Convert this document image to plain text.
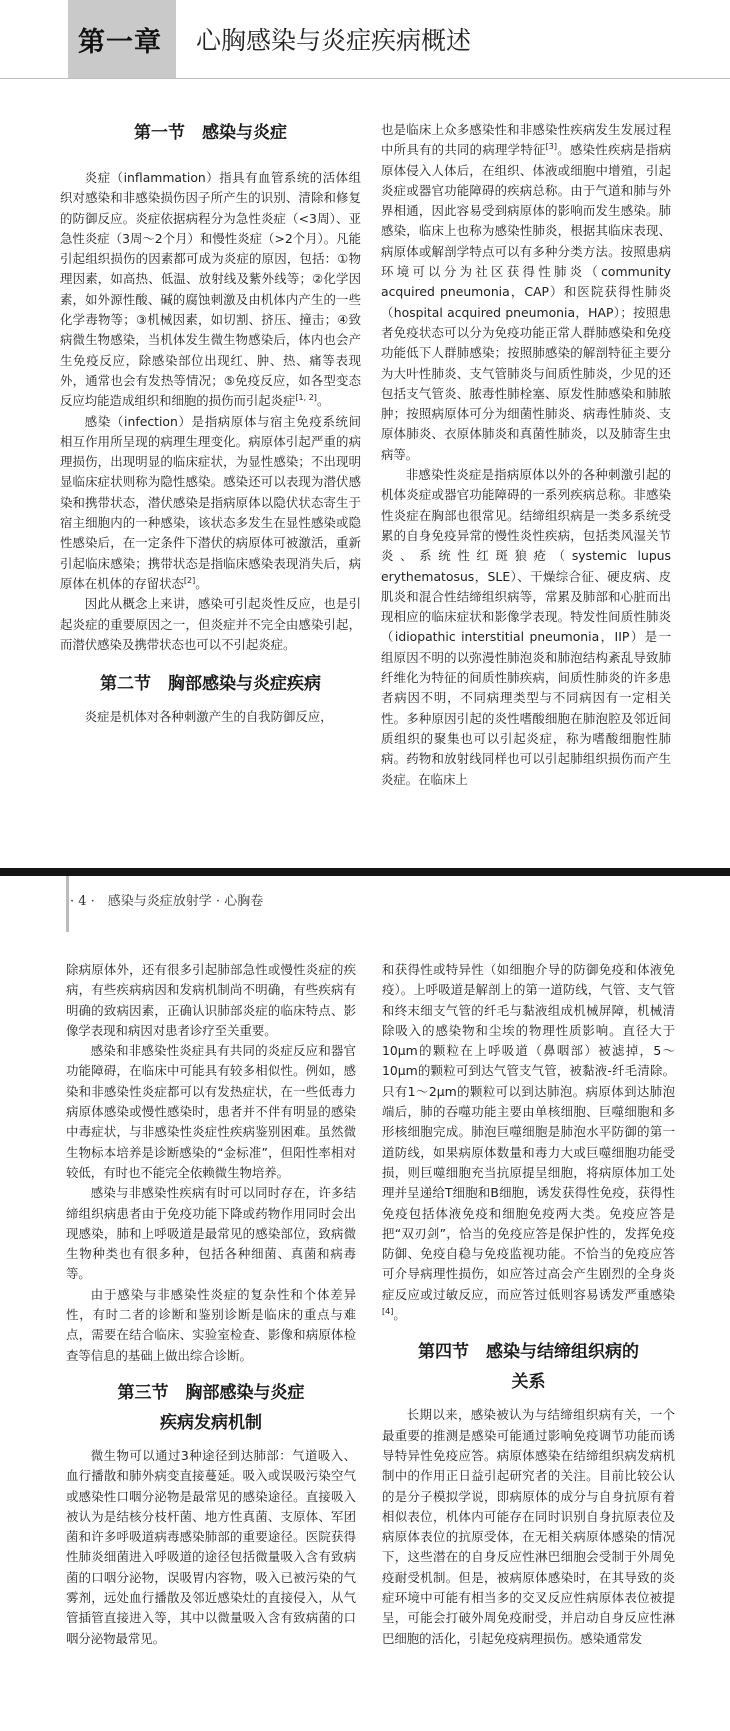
第一章 心胸感染与炎症疾病概述
第一节　感染与炎症

炎症（inflammation）指具有血管系统的活体组织对感染和非感染损伤因子所产生的识别、清除和修复的防御反应。炎症依据病程分为急性炎症（<3周）、亚急性炎症（3周～2个月）和慢性炎症（>2个月）。凡能引起组织损伤的因素都可成为炎症的原因，包括：①物理因素，如高热、低温、放射线及紫外线等；②化学因素，如外源性酸、碱的腐蚀刺激及由机体内产生的一些化学毒物等；③机械因素，如切割、挤压、撞击；④致病微生物感染，当机体发生微生物感染后，体内也会产生免疫反应，除感染部位出现红、肿、热、痛等表现外，通常也会有发热等情况；⑤免疫反应，如各型变态反应均能造成组织和细胞的损伤而引起炎症[1, 2]。

感染（infection）是指病原体与宿主免疫系统间相互作用所呈现的病理生理变化。病原体引起严重的病理损伤，出现明显的临床症状，为显性感染；不出现明显临床症状则称为隐性感染。感染还可以表现为潜伏感染和携带状态，潜伏感染是指病原体以隐伏状态寄生于宿主细胞内的一种感染，该状态多发生在显性感染或隐性感染后，在一定条件下潜伏的病原体可被激活，重新引起临床感染；携带状态是指临床感染表现消失后，病原体在机体的存留状态[2]。

因此从概念上来讲，感染可引起炎性反应，也是引起炎症的重要原因之一，但炎症并不完全由感染引起，而潜伏感染及携带状态也可以不引起炎症。

第二节　胸部感染与炎症疾病

炎症是机体对各种刺激产生的自我防御反应，

也是临床上众多感染性和非感染性疾病发生发展过程中所具有的共同的病理学特征[3]。感染性疾病是指病原体侵入人体后，在组织、体液或细胞中增殖，引起炎症或器官功能障碍的疾病总称。由于气道和肺与外界相通，因此容易受到病原体的影响而发生感染。肺感染，临床上也称为感染性肺炎，根据其临床表现、病原体或解剖学特点可以有多种分类方法。按照患病环境可以分为社区获得性肺炎（community acquired pneumonia，CAP）和医院获得性肺炎（hospital acquired pneumonia，HAP）；按照患者免疫状态可以分为免疫功能正常人群肺感染和免疫功能低下人群肺感染；按照肺感染的解剖特征主要分为大叶性肺炎、支气管肺炎与间质性肺炎，少见的还包括支气管炎、脓毒性肺栓塞、原发性肺感染和肺脓肿；按照病原体可分为细菌性肺炎、病毒性肺炎、支原体肺炎、衣原体肺炎和真菌性肺炎，以及肺寄生虫病等。

非感染性炎症是指病原体以外的各种刺激引起的机体炎症或器官功能障碍的一系列疾病总称。非感染性炎症在胸部也很常见。结缔组织病是一类多系统受累的自身免疫异常的慢性炎性疾病，包括类风湿关节炎、系统性红斑狼疮（systemic lupus erythematosus，SLE）、干燥综合征、硬皮病、皮肌炎和混合性结缔组织病等，常累及肺部和心脏而出现相应的临床症状和影像学表现。特发性间质性肺炎（idiopathic interstitial pneumonia，IIP）是一组原因不明的以弥漫性肺泡炎和肺泡结构紊乱导致肺纤维化为特征的间质性肺疾病，间质性肺炎的许多患者病因不明，不同病理类型与不同病因有一定相关性。多种原因引起的炎性嗜酸细胞在肺泡腔及邻近间质组织的聚集也可以引起炎症，称为嗜酸细胞性肺病。药物和放射线同样也可以引起肺组织损伤而产生炎症。在临床上

· 4 ·　感染与炎症放射学 · 心胸卷

除病原体外，还有很多引起肺部急性或慢性炎症的疾病，有些疾病病因和发病机制尚不明确，有些疾病有明确的致病因素，正确认识肺部炎症的临床特点、影像学表现和病因对患者诊疗至关重要。

感染和非感染性炎症具有共同的炎症反应和器官功能障碍，在临床中可能具有较多相似性。例如，感染和非感染性炎症都可以有发热症状，在一些低毒力病原体感染或慢性感染时，患者并不伴有明显的感染中毒症状，与非感染性炎症性疾病鉴别困难。虽然微生物标本培养是诊断感染的“金标准”，但阳性率相对较低，有时也不能完全依赖微生物培养。

感染与非感染性疾病有时可以同时存在，许多结缔组织病患者由于免疫功能下降或药物作用同时会出现感染，肺和上呼吸道是最常见的感染部位，致病微生物种类也有很多种，包括各种细菌、真菌和病毒等。

由于感染与非感染性炎症的复杂性和个体差异性，有时二者的诊断和鉴别诊断是临床的重点与难点，需要在结合临床、实验室检查、影像和病原体检查等信息的基础上做出综合诊断。

第三节　胸部感染与炎症
疾病发病机制

微生物可以通过3种途径到达肺部：气道吸入、血行播散和肺外病变直接蔓延。吸入或误吸污染空气或感染性口咽分泌物是最常见的感染途径。直接吸入被认为是结核分枝杆菌、地方性真菌、支原体、军团菌和许多呼吸道病毒感染肺部的重要途径。医院获得性肺炎细菌进入呼吸道的途径包括微量吸入含有致病菌的口咽分泌物，误吸胃内容物，吸入已被污染的气雾剂，远处血行播散及邻近感染灶的直接侵入，从气管插管直接进入等，其中以微量吸入含有致病菌的口咽分泌物最常见。

和获得性或特异性（如细胞介导的防御免疫和体液免疫）。上呼吸道是解剖上的第一道防线，气管、支气管和终末细支气管的纤毛与黏液组成机械屏障，机械清除吸入的感染物和尘埃的物理性质影响。直径大于10μm的颗粒在上呼吸道（鼻咽部）被滤掉，5～10μm的颗粒可到达气管支气管，被黏液-纤毛清除。只有1～2μm的颗粒可以到达肺泡。病原体到达肺泡端后，肺的吞噬功能主要由单核细胞、巨噬细胞和多形核细胞完成。肺泡巨噬细胞是肺泡水平防御的第一道防线，如果病原体数量和毒力大或巨噬细胞功能受损，则巨噬细胞充当抗原提呈细胞，将病原体加工处理并呈递给T细胞和B细胞，诱发获得性免疫，获得性免疫包括体液免疫和细胞免疫两大类。免疫应答是把“双刃剑”，恰当的免疫应答是保护性的，发挥免疫防御、免疫自稳与免疫监视功能。不恰当的免疫应答可介导病理性损伤，如应答过高会产生剧烈的全身炎症反应或过敏反应，而应答过低则容易诱发严重感染[4]。

第四节　感染与结缔组织病的
关系

长期以来，感染被认为与结缔组织病有关，一个最重要的推测是感染可能通过影响免疫调节功能而诱导特异性免疫应答。病原体感染在结缔组织病发病机制中的作用正日益引起研究者的关注。目前比较公认的是分子模拟学说，即病原体的成分与自身抗原有着相似表位，机体内可能存在同时识别自身抗原表位及病原体表位的抗原受体，在无相关病原体感染的情况下，这些潜在的自身反应性淋巴细胞会受制于外周免疫耐受机制。但是，被病原体感染时，在其导致的炎症环境中可能有相当多的交叉反应性病原体表位被提呈，可能会打破外周免疫耐受，并启动自身反应性淋巴细胞的活化，引起免疫病理损伤。感染通常发
